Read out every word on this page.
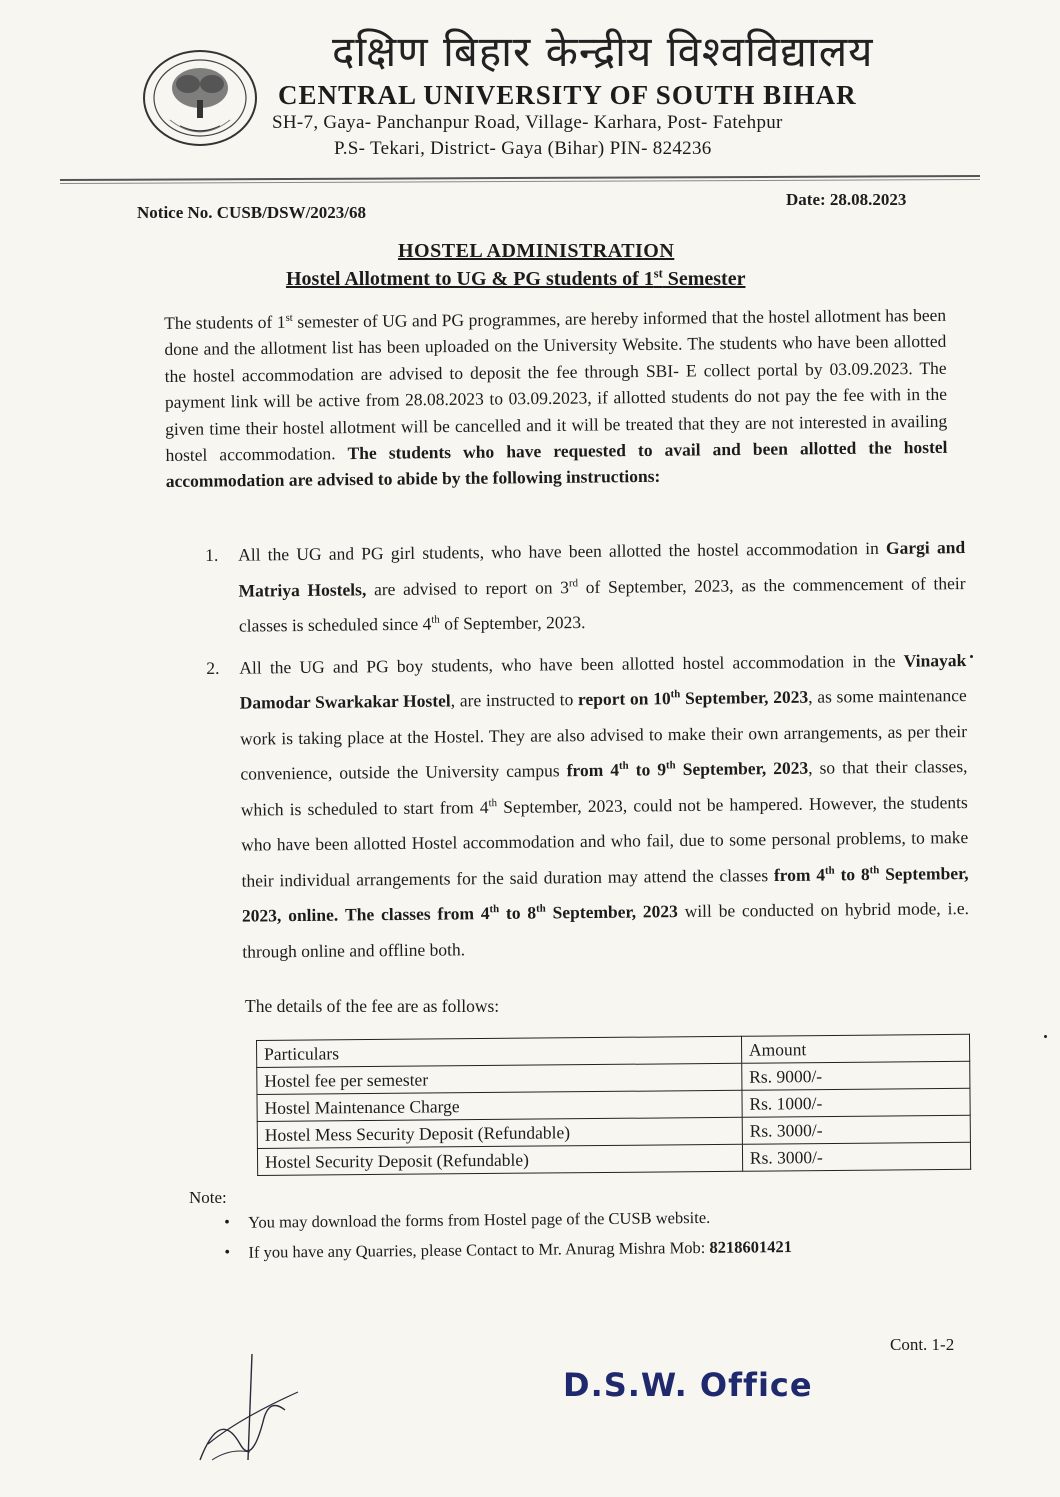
दक्षिण बिहार केन्द्रीय विश्वविद्यालय
CENTRAL UNIVERSITY OF SOUTH BIHAR
SH-7, Gaya- Panchanpur Road, Village- Karhara, Post- Fatehpur
P.S- Tekari, District- Gaya (Bihar) PIN- 824236
Notice No. CUSB/DSW/2023/68
Date: 28.08.2023
HOSTEL ADMINISTRATION
Hostel Allotment to UG & PG students of 1st Semester
The students of 1st semester of UG and PG programmes, are hereby informed that the hostel allotment has been done and the allotment list has been uploaded on the University Website. The students who have been allotted the hostel accommodation are advised to deposit the fee through SBI- E collect portal by 03.09.2023. The payment link will be active from 28.08.2023 to 03.09.2023, if allotted students do not pay the fee with in the given time their hostel allotment will be cancelled and it will be treated that they are not interested in availing hostel accommodation. The students who have requested to avail and been allotted the hostel accommodation are advised to abide by the following instructions:
1. All the UG and PG girl students, who have been allotted the hostel accommodation in Gargi and Matriya Hostels, are advised to report on 3rd of September, 2023, as the commencement of their classes is scheduled since 4th of September, 2023.
2. All the UG and PG boy students, who have been allotted hostel accommodation in the Vinayak Damodar Swarkakar Hostel, are instructed to report on 10th September, 2023, as some maintenance work is taking place at the Hostel. They are also advised to make their own arrangements, as per their convenience, outside the University campus from 4th to 9th September, 2023, so that their classes, which is scheduled to start from 4th September, 2023, could not be hampered. However, the students who have been allotted Hostel accommodation and who fail, due to some personal problems, to make their individual arrangements for the said duration may attend the classes from 4th to 8th September, 2023, online. The classes from 4th to 8th September, 2023 will be conducted on hybrid mode, i.e. through online and offline both.
The details of the fee are as follows:
Particulars	Amount
Hostel fee per semester	Rs. 9000/-
Hostel Maintenance Charge	Rs. 1000/-
Hostel Mess Security Deposit (Refundable)	Rs. 3000/-
Hostel Security Deposit (Refundable)	Rs. 3000/-
Note:
• You may download the forms from Hostel page of the CUSB website.
• If you have any Quarries, please Contact to Mr. Anurag Mishra Mob: 8218601421
Cont. 1-2
D.S.W. Office
